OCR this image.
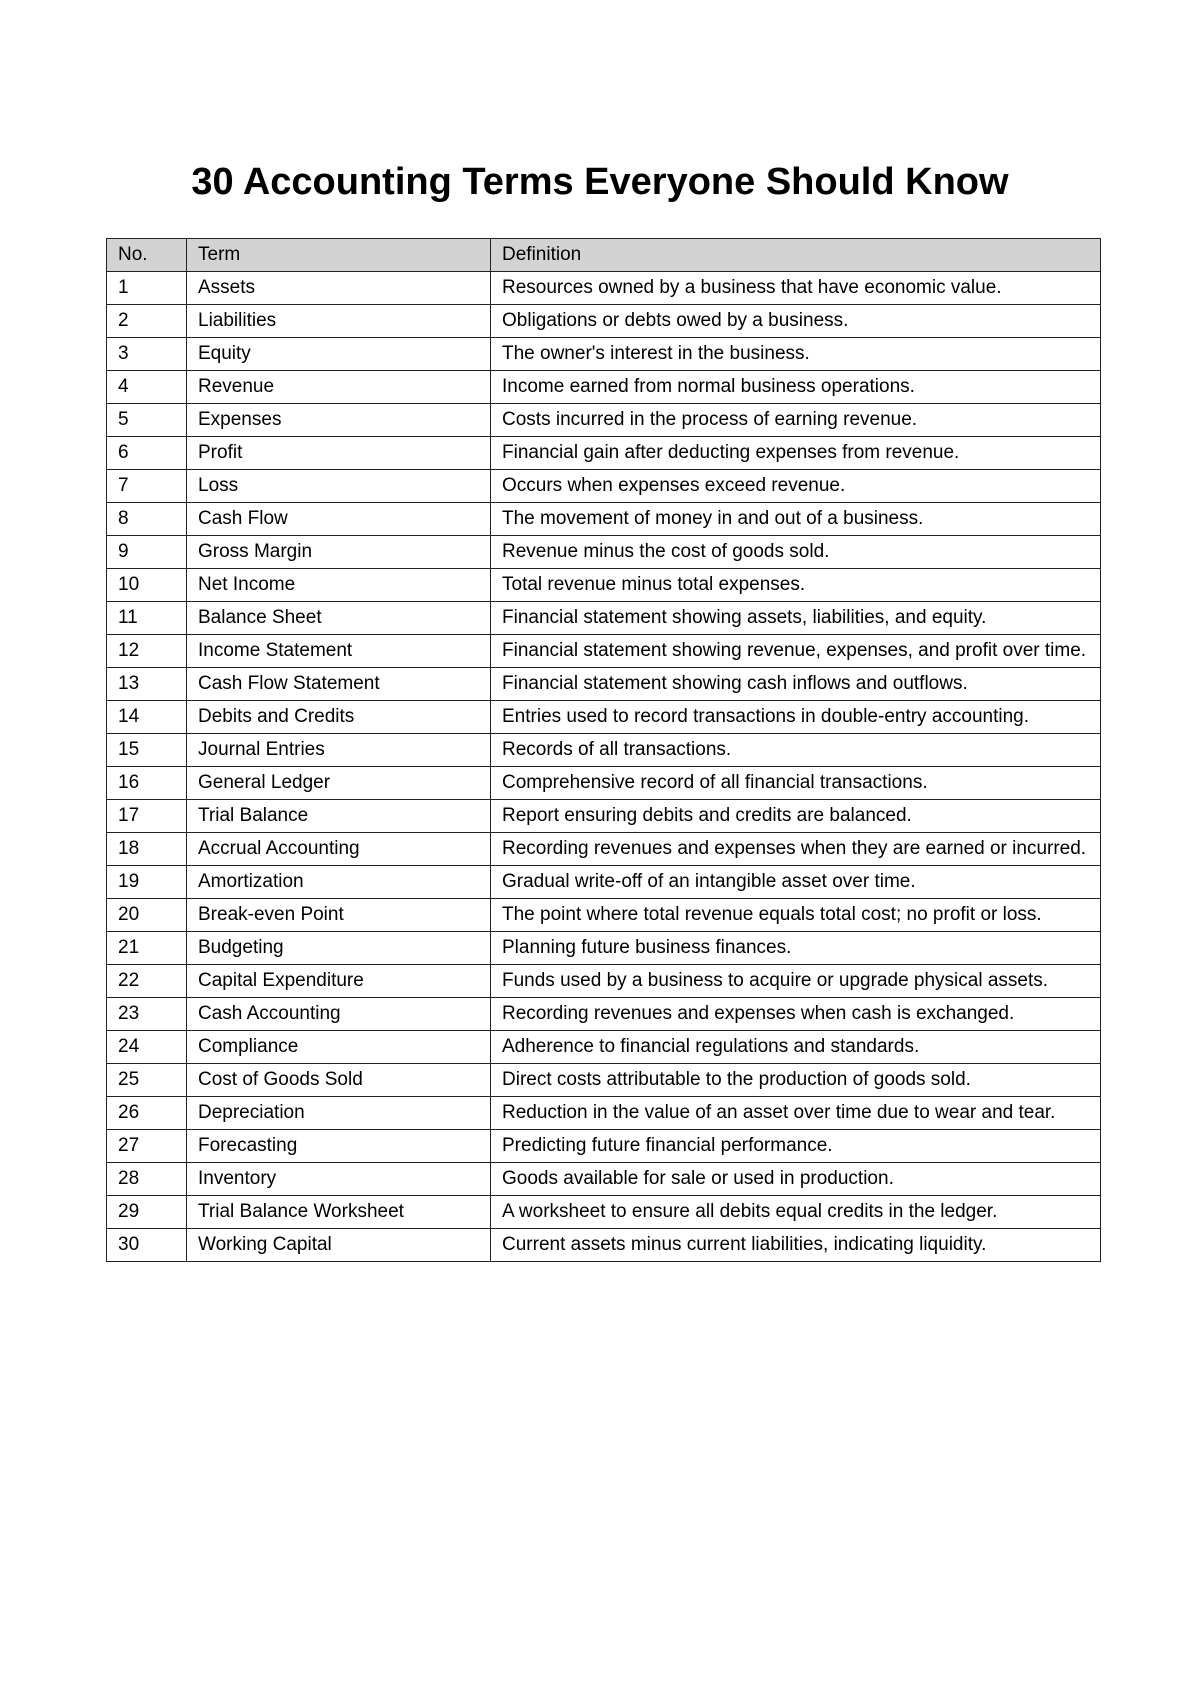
30 Accounting Terms Everyone Should Know
No.	Term	Definition
1	Assets	Resources owned by a business that have economic value.
2	Liabilities	Obligations or debts owed by a business.
3	Equity	The owner's interest in the business.
4	Revenue	Income earned from normal business operations.
5	Expenses	Costs incurred in the process of earning revenue.
6	Profit	Financial gain after deducting expenses from revenue.
7	Loss	Occurs when expenses exceed revenue.
8	Cash Flow	The movement of money in and out of a business.
9	Gross Margin	Revenue minus the cost of goods sold.
10	Net Income	Total revenue minus total expenses.
11	Balance Sheet	Financial statement showing assets, liabilities, and equity.
12	Income Statement	Financial statement showing revenue, expenses, and profit over time.
13	Cash Flow Statement	Financial statement showing cash inflows and outflows.
14	Debits and Credits	Entries used to record transactions in double-entry accounting.
15	Journal Entries	Records of all transactions.
16	General Ledger	Comprehensive record of all financial transactions.
17	Trial Balance	Report ensuring debits and credits are balanced.
18	Accrual Accounting	Recording revenues and expenses when they are earned or incurred.
19	Amortization	Gradual write-off of an intangible asset over time.
20	Break-even Point	The point where total revenue equals total cost; no profit or loss.
21	Budgeting	Planning future business finances.
22	Capital Expenditure	Funds used by a business to acquire or upgrade physical assets.
23	Cash Accounting	Recording revenues and expenses when cash is exchanged.
24	Compliance	Adherence to financial regulations and standards.
25	Cost of Goods Sold	Direct costs attributable to the production of goods sold.
26	Depreciation	Reduction in the value of an asset over time due to wear and tear.
27	Forecasting	Predicting future financial performance.
28	Inventory	Goods available for sale or used in production.
29	Trial Balance Worksheet	A worksheet to ensure all debits equal credits in the ledger.
30	Working Capital	Current assets minus current liabilities, indicating liquidity.
